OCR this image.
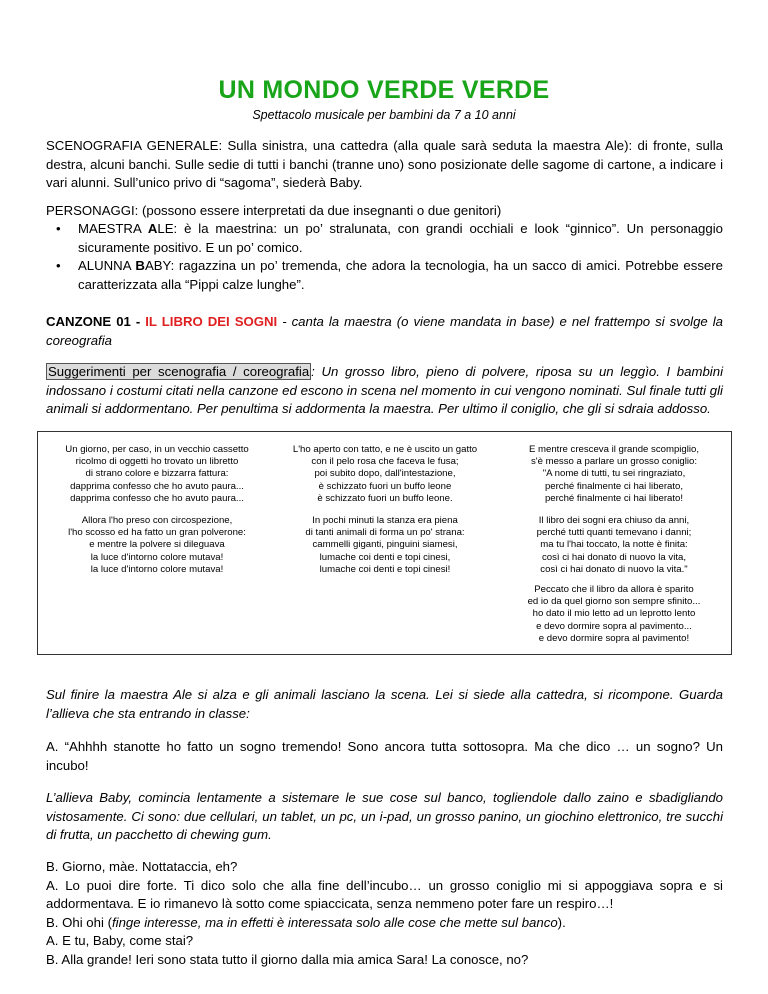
UN MONDO VERDE VERDE
Spettacolo musicale per bambini da 7 a 10 anni
SCENOGRAFIA GENERALE: Sulla sinistra, una cattedra (alla quale sarà seduta la maestra Ale): di fronte, sulla destra, alcuni banchi. Sulle sedie di tutti i banchi (tranne uno) sono posizionate delle sagome di cartone, a indicare i vari alunni. Sull’unico privo di “sagoma”, siederà Baby.
PERSONAGGI: (possono essere interpretati da due insegnanti o due genitori)
• MAESTRA ALE: è la maestrina: un po’ stralunata, con grandi occhiali e look “ginnico”. Un personaggio sicuramente positivo. E un po’ comico.
• ALUNNA BABY: ragazzina un po’ tremenda, che adora la tecnologia, ha un sacco di amici. Potrebbe essere caratterizzata alla “Pippi calze lunghe”.
CANZONE 01 - IL LIBRO DEI SOGNI - canta la maestra (o viene mandata in base) e nel frattempo si svolge la coreografia
Suggerimenti per scenografia / coreografia : Un grosso libro, pieno di polvere, riposa su un leggìo. I bambini indossano i costumi citati nella canzone ed escono in scena nel momento in cui vengono nominati. Sul finale tutti gli animali si addormentano. Per penultima si addormenta la maestra. Per ultimo il coniglio, che gli si sdraia addosso.
Un giorno, per caso, in un vecchio cassetto
ricolmo di oggetti ho trovato un libretto
di strano colore e bizzarra fattura:
dapprima confesso che ho avuto paura...
dapprima confesso che ho avuto paura...
L'ho aperto con tatto, e ne è uscito un gatto
con il pelo rosa che faceva le fusa;
poi subito dopo, dall'intestazione,
è schizzato fuori un buffo leone
è schizzato fuori un buffo leone.
E mentre cresceva il grande scompiglio,
s'è messo a parlare un grosso coniglio:
"A nome di tutti, tu sei ringraziato,
perché finalmente ci hai liberato,
perché finalmente ci hai liberato!
Allora l'ho preso con circospezione,
l'ho scosso ed ha fatto un gran polverone:
e mentre la polvere si dileguava
la luce d'intorno colore mutava!
la luce d'intorno colore mutava!
In pochi minuti la stanza era piena
di tanti animali di forma un po' strana:
cammelli giganti, pinguini siamesi,
lumache coi denti e topi cinesi,
lumache coi denti e topi cinesi!
Il libro dei sogni era chiuso da anni,
perché tutti quanti temevano i danni;
ma tu l'hai toccato, la notte è finita:
così ci hai donato di nuovo la vita,
così ci hai donato di nuovo la vita."
Peccato che il libro da allora è sparito
ed io da quel giorno son sempre sfinito...
ho dato il mio letto ad un leprotto lento
e devo dormire sopra al pavimento...
e devo dormire sopra al pavimento!
Sul finire la maestra Ale si alza e gli animali lasciano la scena. Lei si siede alla cattedra, si ricompone. Guarda l’allieva che sta entrando in classe:
A. “Ahhhh stanotte ho fatto un sogno tremendo! Sono ancora tutta sottosopra. Ma che dico … un sogno? Un incubo!
L’allieva Baby, comincia lentamente a sistemare le sue cose sul banco, togliendole dallo zaino e sbadigliando vistosamente. Ci sono: due cellulari, un tablet, un pc, un i-pad, un grosso panino, un giochino elettronico, tre succhi di frutta, un pacchetto di chewing gum.
B. Giorno, màe. Nottataccia, eh?
A. Lo puoi dire forte. Ti dico solo che alla fine dell’incubo… un grosso coniglio mi si appoggiava sopra e si addormentava. E io rimanevo là sotto come spiaccicata, senza nemmeno poter fare un respiro…!
B. Ohi ohi (finge interesse, ma in effetti è interessata solo alle cose che mette sul banco).
A. E tu, Baby, come stai?
B. Alla grande! Ieri sono stata tutto il giorno dalla mia amica Sara! La conosce, no?
